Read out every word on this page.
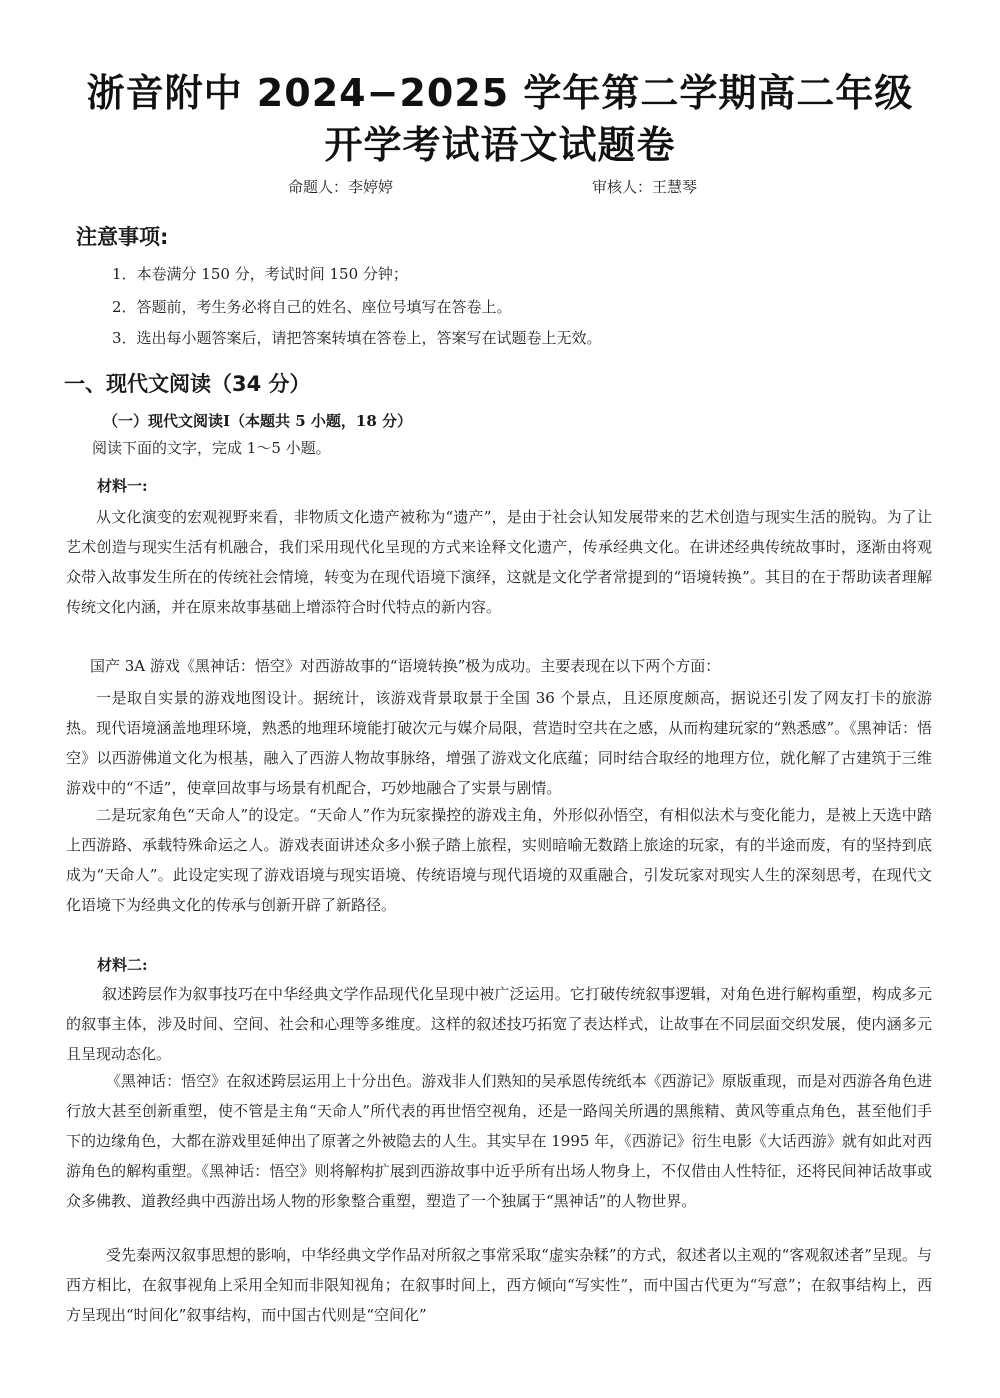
浙音附中 2024−2025 学年第二学期高二年级
开学考试语文试题卷
命题人：李婷婷	审核人：王慧琴
注意事项:
1．本卷满分 150 分，考试时间 150 分钟；
2．答题前，考生务必将自己的姓名、座位号填写在答卷上。
3．选出每小题答案后，请把答案转填在答卷上，答案写在试题卷上无效。
一、现代文阅读（34 分）
（一）现代文阅读Ⅰ（本题共 5 小题，18 分）
阅读下面的文字，完成 1～5 小题。
材料一:

从文化演变的宏观视野来看，非物质文化遗产被称为“遗产”，是由于社会认知发展带来的艺术创造与现实生活的脱钩。为了让艺术创造与现实生活有机融合，我们采用现代化呈现的方式来诠释文化遗产，传承经典文化。在讲述经典传统故事时，逐渐由将观众带入故事发生所在的传统社会情境，转变为在现代语境下演绎，这就是文化学者常提到的“语境转换”。其目的在于帮助读者理解传统文化内涵，并在原来故事基础上增添符合时代特点的新内容。

国产 3A 游戏《黑神话：悟空》对西游故事的“语境转换”极为成功。主要表现在以下两个方面：

一是取自实景的游戏地图设计。据统计，该游戏背景取景于全国 36 个景点，且还原度颇高，据说还引发了网友打卡的旅游热。现代语境涵盖地理环境，熟悉的地理环境能打破次元与媒介局限，营造时空共在之感，从而构建玩家的“熟悉感”。《黑神话：悟空》以西游佛道文化为根基，融入了西游人物故事脉络，增强了游戏文化底蕴；同时结合取经的地理方位，就化解了古建筑于三维游戏中的“不适”，使章回故事与场景有机配合，巧妙地融合了实景与剧情。

二是玩家角色“天命人”的设定。“天命人”作为玩家操控的游戏主角，外形似孙悟空，有相似法术与变化能力，是被上天选中踏上西游路、承载特殊命运之人。游戏表面讲述众多小猴子踏上旅程，实则暗喻无数踏上旅途的玩家，有的半途而废，有的坚持到底成为“天命人”。此设定实现了游戏语境与现实语境、传统语境与现代语境的双重融合，引发玩家对现实人生的深刻思考，在现代文化语境下为经典文化的传承与创新开辟了新路径。

材料二:

叙述跨层作为叙事技巧在中华经典文学作品现代化呈现中被广泛运用。它打破传统叙事逻辑，对角色进行解构重塑，构成多元的叙事主体，涉及时间、空间、社会和心理等多维度。这样的叙述技巧拓宽了表达样式，让故事在不同层面交织发展，使内涵多元且呈现动态化。

《黑神话：悟空》在叙述跨层运用上十分出色。游戏非人们熟知的吴承恩传统纸本《西游记》原版重现，而是对西游各角色进行放大甚至创新重塑，使不管是主角“天命人”所代表的再世悟空视角，还是一路闯关所遇的黑熊精、黄风等重点角色，甚至他们手下的边缘角色，大都在游戏里延伸出了原著之外被隐去的人生。其实早在 1995 年，《西游记》衍生电影《大话西游》就有如此对西游角色的解构重塑。《黑神话：悟空》则将解构扩展到西游故事中近乎所有出场人物身上，不仅借由人性特征，还将民间神话故事或众多佛教、道教经典中西游出场人物的形象整合重塑，塑造了一个独属于“黑神话”的人物世界。

受先秦两汉叙事思想的影响，中华经典文学作品对所叙之事常采取“虚实杂糅”的方式，叙述者以主观的“客观叙述者”呈现。与西方相比，在叙事视角上采用全知而非限知视角；在叙事时间上，西方倾向“写实性”，而中国古代更为“写意”；在叙事结构上，西方呈现出“时间化”叙事结构，而中国古代则是“空间化”
